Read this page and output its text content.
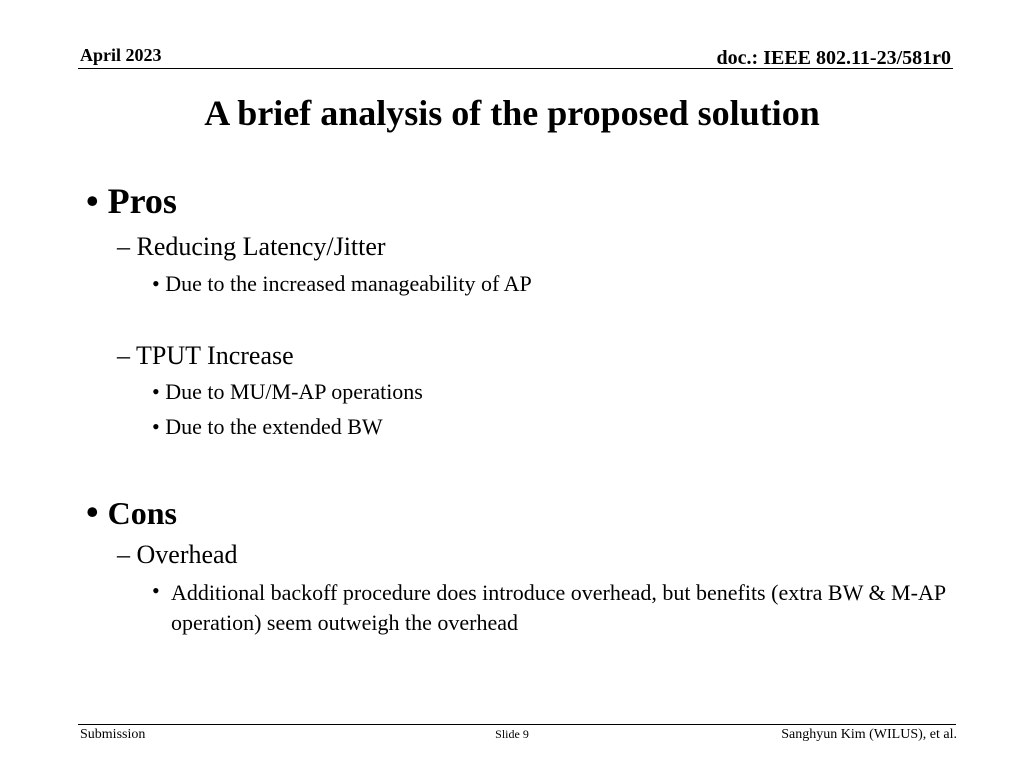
April 2023	doc.: IEEE 802.11-23/581r0
A brief analysis of the proposed solution
• Pros
– Reducing Latency/Jitter
• Due to the increased manageability of AP
– TPUT Increase
• Due to MU/M-AP operations
• Due to the extended BW
• Cons
– Overhead
• Additional backoff procedure does introduce overhead, but benefits (extra BW & M-AP operation) seem outweigh the overhead
Submission	Slide 9	Sanghyun Kim (WILUS), et al.
